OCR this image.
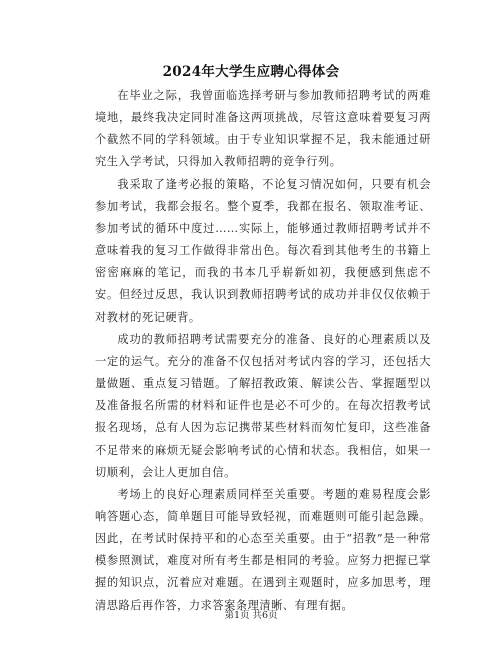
2024年大学生应聘心得体会

在毕业之际，我曾面临选择考研与参加教师招聘考试的两难境地，最终我决定同时准备这两项挑战，尽管这意味着要复习两个截然不同的学科领域。由于专业知识掌握不足，我未能通过研究生入学考试，只得加入教师招聘的竞争行列。

我采取了逢考必报的策略，不论复习情况如何，只要有机会参加考试，我都会报名。整个夏季，我都在报名、领取准考证、参加考试的循环中度过……实际上，能够通过教师招聘考试并不意味着我的复习工作做得非常出色。每次看到其他考生的书籍上密密麻麻的笔记，而我的书本几乎崭新如初，我便感到焦虑不安。但经过反思，我认识到教师招聘考试的成功并非仅仅依赖于对教材的死记硬背。

成功的教师招聘考试需要充分的准备、良好的心理素质以及一定的运气。充分的准备不仅包括对考试内容的学习，还包括大量做题、重点复习错题。了解招教政策、解读公告、掌握题型以及准备报名所需的材料和证件也是必不可少的。在每次招教考试报名现场，总有人因为忘记携带某些材料而匆忙复印，这些准备不足带来的麻烦无疑会影响考试的心情和状态。我相信，如果一切顺利，会让人更加自信。

考场上的良好心理素质同样至关重要。考题的难易程度会影响答题心态，简单题目可能导致轻视，而难题则可能引起急躁。因此，在考试时保持平和的心态至关重要。由于“招教”是一种常模参照测试，难度对所有考生都是相同的考验。应努力把握已掌握的知识点，沉着应对难题。在遇到主观题时，应多加思考，理清思路后再作答，力求答案条理清晰、有理有据。

第1页 共6页
